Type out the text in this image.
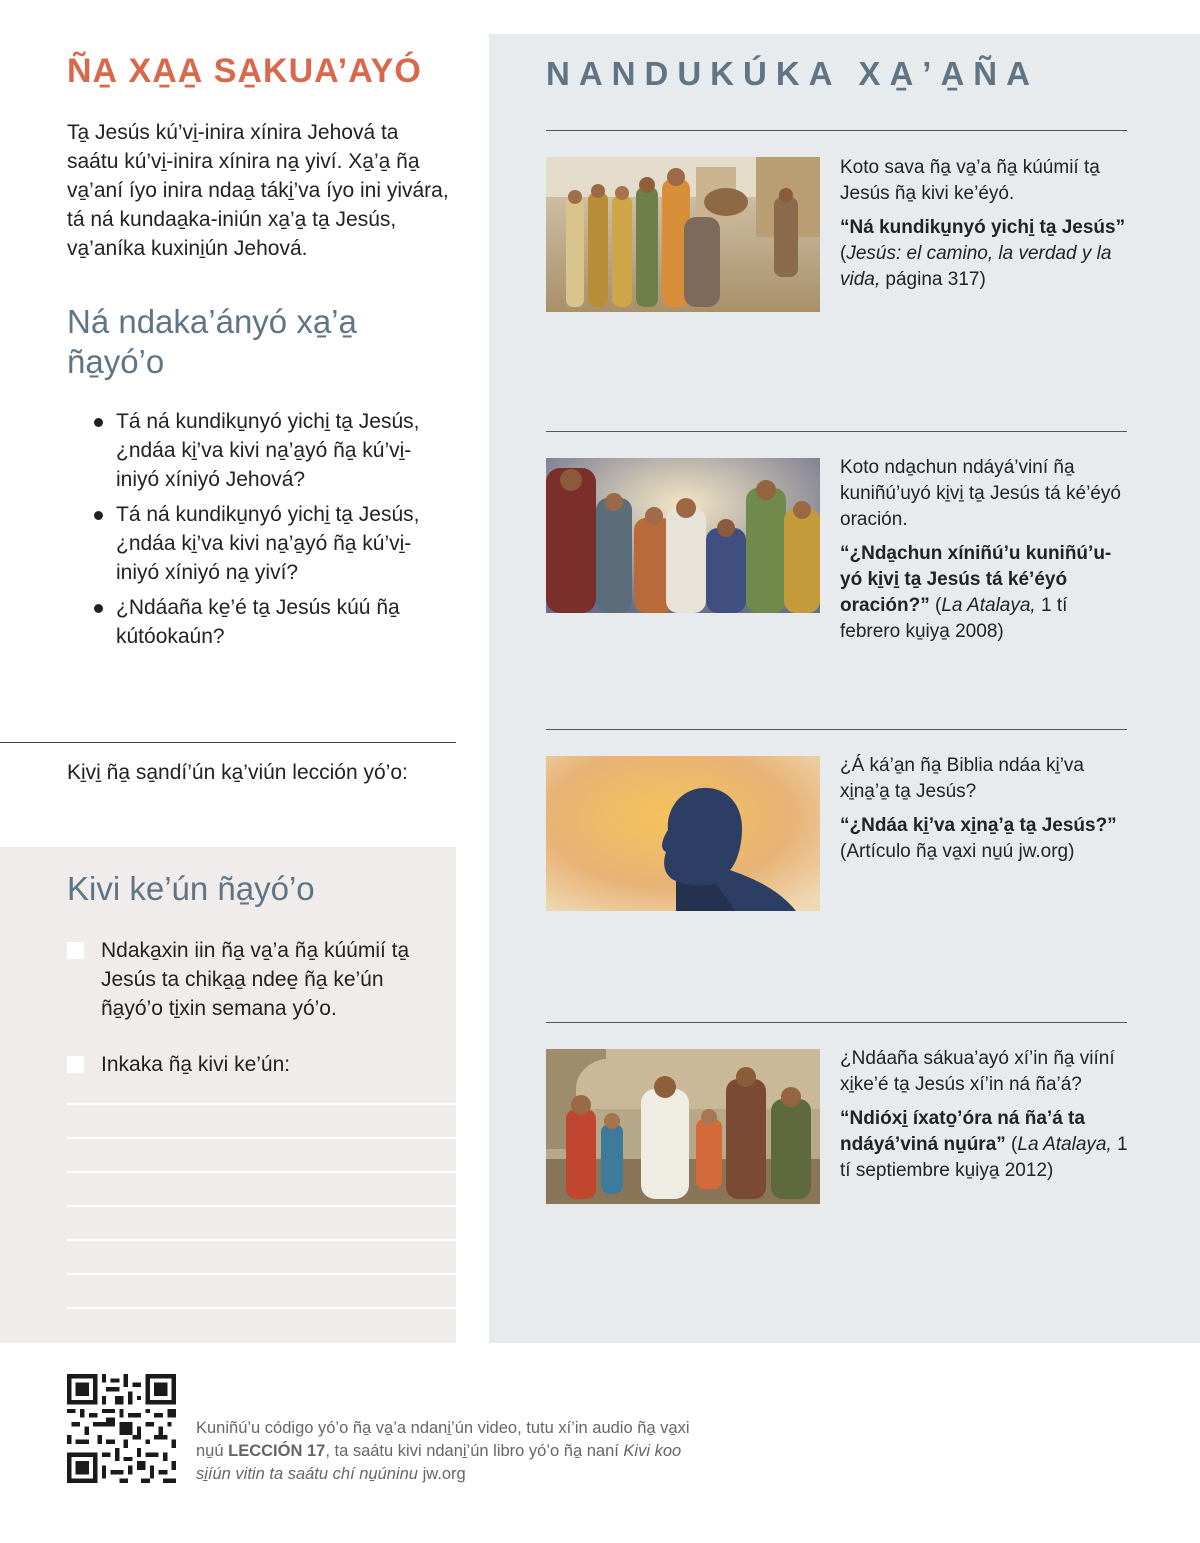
ÑA̱ XA̱A̱ SA̱KUA’AYÓ

Ta̱ Jesús kú’vi̱-inira xínira Jehová ta saátu kú’vi̱-inira xínira na̱ yiví. Xa̱’a̱ ña̱ va̱’aní íyo inira ndaa̱ táki̱’va íyo ini yivára, tá ná kundaa̱ka-iniún xa̱’a̱ ta̱ Jesús, va̱’aníka kuxini̱ún Jehová.

Ná ndaka’ányó xa̱’a̱ ña̱yó’o
Tá ná kundiku̱nyó yichi̱ ta̱ Jesús, ¿ndáa ki̱’va kivi na̱’a̱yó ña̱ kú’vi̱-iniyó xíniyó Jehová?
Tá ná kundiku̱nyó yichi̱ ta̱ Jesús, ¿ndáa ki̱’va kivi na̱’a̱yó ña̱ kú’vi̱-iniyó xíniyó na̱ yiví?
¿Ndáaña ke̱’é ta̱ Jesús kúú ña̱ kútóokaún?

Ki̱vi̱ ña̱ sa̱ndí’ún ka̱’viún lección yó’o:

Kivi ke’ún ña̱yó’o
Ndaka̱xin iin ña̱ va̱’a ña̱ kúúmií ta̱ Jesús ta chika̱a̱ ndee̱ ña̱ ke’ún ña̱yó’o ti̱xin semana yó’o.
Inkaka ña̱ kivi ke’ún:
NANDUKÚKA XA̱’A̱ÑA
Koto sava ña̱ va̱’a ña̱ kúúmií ta̱ Jesús ña̱ kivi ke’éyó.
“Ná kundiku̱nyó yichi̱ ta̱ Jesús” (Jesús: el camino, la verdad y la vida, página 317)
Koto nda̱chun ndáyá’viní ña̱ kuniñú’uyó ki̱vi̱ ta̱ Jesús tá ké’éyó oración.
“¿Nda̱chun xíniñú’u kuniñú’u-yó ki̱vi̱ ta̱ Jesús tá ké’éyó oración?” (La Atalaya, 1 tí febrero ku̱iya̱ 2008)
¿Á ká’a̱n ña̱ Biblia ndáa ki̱’va xi̱na̱’a̱ ta̱ Jesús?
“¿Ndáa ki̱’va xi̱na̱’a̱ ta̱ Jesús?” (Artículo ña̱ va̱xi nu̱ú jw.org)
¿Ndáaña sákua’ayó xí’in ña̱ viíní xi̱ke’é ta̱ Jesús xí’in ná ña’á?
“Ndióxi̱ íxato̱’óra ná ña’á ta ndáyá’viná nu̱úra” (La Atalaya, 1 tí septiembre ku̱iya̱ 2012)

Kuniñú’u código yó’o ña̱ va̱’a ndani̱’ún video, tutu xí’in audio ña̱ va̱xi nu̱ú LECCIÓN 17, ta saátu kivi ndani̱’ún libro yó’o ña̱ naní Kivi koo si̱íún vitin ta saátu chí nu̱úninu jw.org
